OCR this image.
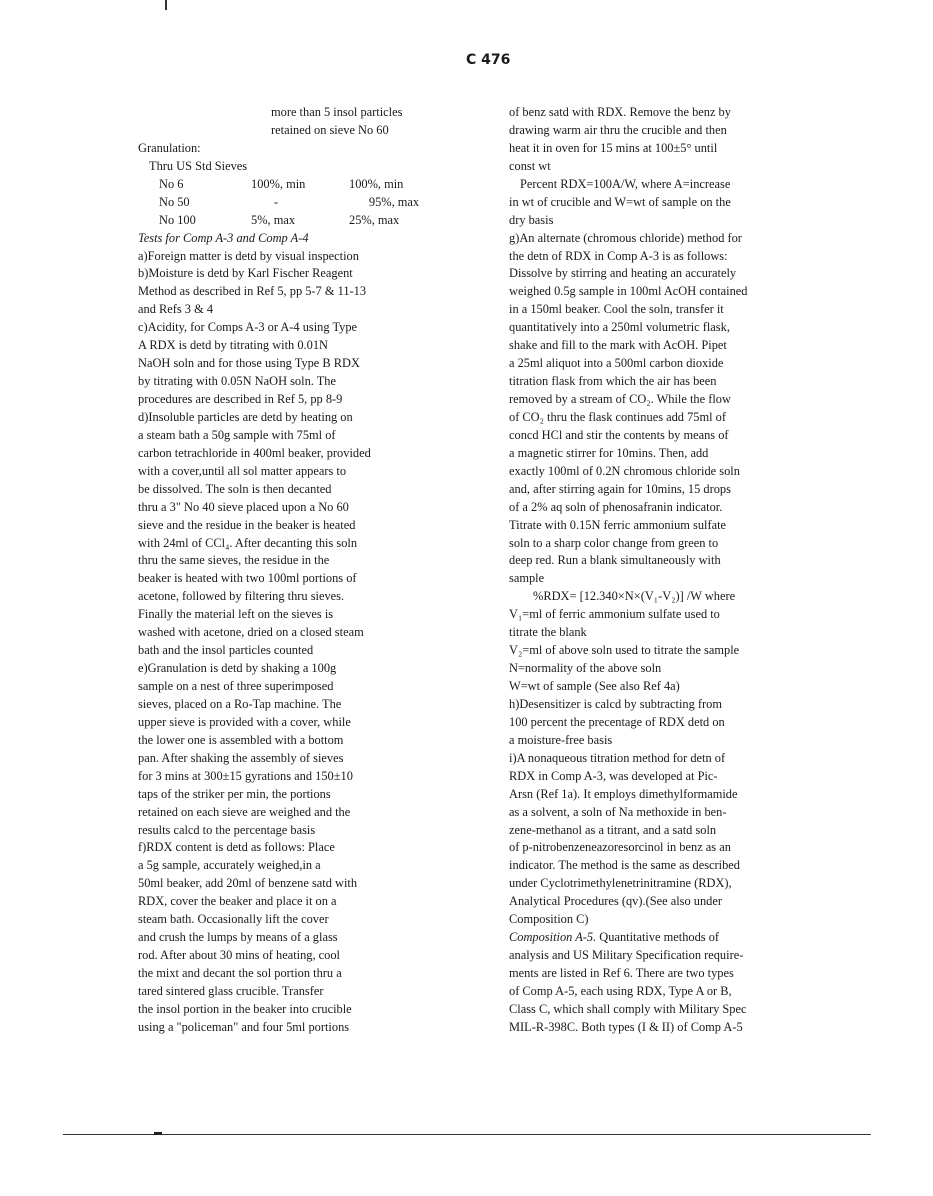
C 476
more than 5 insol particles
retained on sieve No 60
Granulation:
Thru US Std Sieves
No 6	100%, min	100%, min
No 50	-	95%, max
No 100	5%, max	25%, max
Tests for Comp A-3 and Comp A-4
a)Foreign matter is detd by visual inspection
b)Moisture is detd by Karl Fischer Reagent
Method as described in Ref 5, pp 5-7 & 11-13
and Refs 3 & 4
c)Acidity, for Comps A-3 or A-4 using Type
A RDX is detd by titrating with 0.01N
NaOH soln and for those using Type B RDX
by titrating with 0.05N NaOH soln. The
procedures are described in Ref 5, pp 8-9
d)Insoluble particles are detd by heating on
a steam bath a 50g sample with 75ml of
carbon tetrachloride in 400ml beaker, provided
with a cover,until all sol matter appears to
be dissolved. The soln is then decanted
thru a 3" No 40 sieve placed upon a No 60
sieve and the residue in the beaker is heated
with 24ml of CCl₄. After decanting this soln
thru the same sieves, the residue in the
beaker is heated with two 100ml portions of
acetone, followed by filtering thru sieves.
Finally the material left on the sieves is
washed with acetone, dried on a closed steam
bath and the insol particles counted
e)Granulation is detd by shaking a 100g
sample on a nest of three superimposed
sieves, placed on a Ro-Tap machine. The
upper sieve is provided with a cover, while
the lower one is assembled with a bottom
pan. After shaking the assembly of sieves
for 3 mins at 300±15 gyrations and 150±10
taps of the striker per min, the portions
retained on each sieve are weighed and the
results calcd to the percentage basis
f)RDX content is detd as follows: Place
a 5g sample, accurately weighed,in a
50ml beaker, add 20ml of benzene satd with
RDX, cover the beaker and place it on a
steam bath. Occasionally lift the cover
and crush the lumps by means of a glass
rod. After about 30 mins of heating, cool
the mixt and decant the sol portion thru a
tared sintered glass crucible. Transfer
the insol portion in the beaker into crucible
using a "policeman" and four 5ml portions
of benz satd with RDX. Remove the benz by
drawing warm air thru the crucible and then
heat it in oven for 15 mins at 100±5° until
const wt
Percent RDX=100A/W, where A=increase
in wt of crucible and W=wt of sample on the
dry basis
g)An alternate (chromous chloride) method for
the detn of RDX in Comp A-3 is as follows:
Dissolve by stirring and heating an accurately
weighed 0.5g sample in 100ml AcOH contained
in a 150ml beaker. Cool the soln, transfer it
quantitatively into a 250ml volumetric flask,
shake and fill to the mark with AcOH. Pipet
a 25ml aliquot into a 500ml carbon dioxide
titration flask from which the air has been
removed by a stream of CO₂. While the flow
of CO₂ thru the flask continues add 75ml of
concd HCl and stir the contents by means of
a magnetic stirrer for 10mins. Then, add
exactly 100ml of 0.2N chromous chloride soln
and, after stirring again for 10mins, 15 drops
of a 2% aq soln of phenosafranin indicator.
Titrate with 0.15N ferric ammonium sulfate
soln to a sharp color change from green to
deep red. Run a blank simultaneously with
sample
%RDX= [12.340×N×(V₁-V₂)] /W where
V₁=ml of ferric ammonium sulfate used to
titrate the blank
V₂=ml of above soln used to titrate the sample
N=normality of the above soln
W=wt of sample (See also Ref 4a)
h)Desensitizer is calcd by subtracting from
100 percent the precentage of RDX detd on
a moisture-free basis
i)A nonaqueous titration method for detn of
RDX in Comp A-3, was developed at Pic-
Arsn (Ref 1a). It employs dimethylformamide
as a solvent, a soln of Na methoxide in ben-
zene-methanol as a titrant, and a satd soln
of p-nitrobenzeneazoresorcinol in benz as an
indicator. The method is the same as described
under Cyclotrimethylenetrinitramine (RDX),
Analytical Procedures (qv).(See also under
Composition C)
Composition A-5. Quantitative methods of
analysis and US Military Specification require-
ments are listed in Ref 6. There are two types
of Comp A-5, each using RDX, Type A or B,
Class C, which shall comply with Military Spec
MIL-R-398C. Both types (I & II) of Comp A-5
